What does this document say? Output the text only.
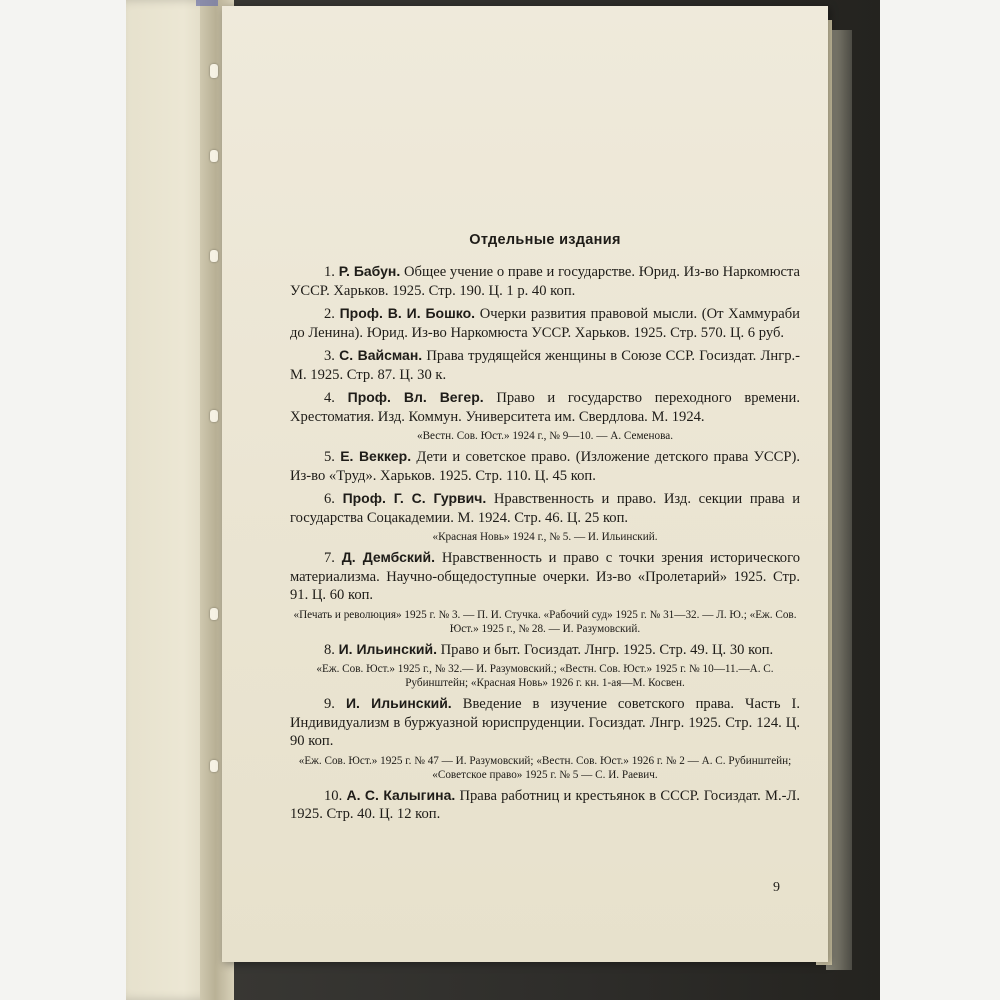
Отдельные издания

1. Р. Бабун. Общее учение о праве и государстве. Юрид. Из-во Наркомюста УССР. Харьков. 1925. Стр. 190. Ц. 1 р. 40 коп.

2. Проф. В. И. Бошко. Очерки развития правовой мысли. (От Хаммураби до Ленина). Юрид. Из-во Наркомюста УССР. Харьков. 1925. Стр. 570. Ц. 6 руб.

3. С. Вайсман. Права трудящейся женщины в Союзе ССР. Госиздат. Лнгр.-М. 1925. Стр. 87. Ц. 30 к.

4. Проф. Вл. Вегер. Право и государство переходного времени. Хрестоматия. Изд. Коммун. Университета им. Свердлова. М. 1924.

«Вестн. Сов. Юст.» 1924 г., № 9—10. — А. Семенова.

5. Е. Веккер. Дети и советское право. (Изложение детского права УССР). Из-во «Труд». Харьков. 1925. Стр. 110. Ц. 45 коп.

6. Проф. Г. С. Гурвич. Нравственность и право. Изд. секции права и государства Соцакадемии. М. 1924. Стр. 46. Ц. 25 коп.

«Красная Новь» 1924 г., № 5. — И. Ильинский.

7. Д. Дембский. Нравственность и право с точки зрения исторического материализма. Научно-общедоступные очерки. Из-во «Пролетарий» 1925. Стр. 91. Ц. 60 коп.

«Печать и революция» 1925 г. № 3. — П. И. Стучка. «Рабочий суд» 1925 г. № 31—32. — Л. Ю.; «Еж. Сов. Юст.» 1925 г., № 28. — И. Разумовский.

8. И. Ильинский. Право и быт. Госиздат. Лнгр. 1925. Стр. 49. Ц. 30 коп.

«Еж. Сов. Юст.» 1925 г., № 32.— И. Разумовский.; «Вестн. Сов. Юст.» 1925 г. № 10—11.—А. С. Рубинштейн; «Красная Новь» 1926 г. кн. 1-ая—М. Косвен.

9. И. Ильинский. Введение в изучение советского права. Часть I. Индивидуализм в буржуазной юриспруденции. Госиздат. Лнгр. 1925. Стр. 124. Ц. 90 коп.

«Еж. Сов. Юст.» 1925 г. № 47 — И. Разумовский; «Вестн. Сов. Юст.» 1926 г. № 2 — А. С. Рубинштейн; «Советское право» 1925 г. № 5 — С. И. Раевич.

10. А. С. Калыгина. Права работниц и крестьянок в СССР. Госиздат. М.-Л. 1925. Стр. 40. Ц. 12 коп.

9
